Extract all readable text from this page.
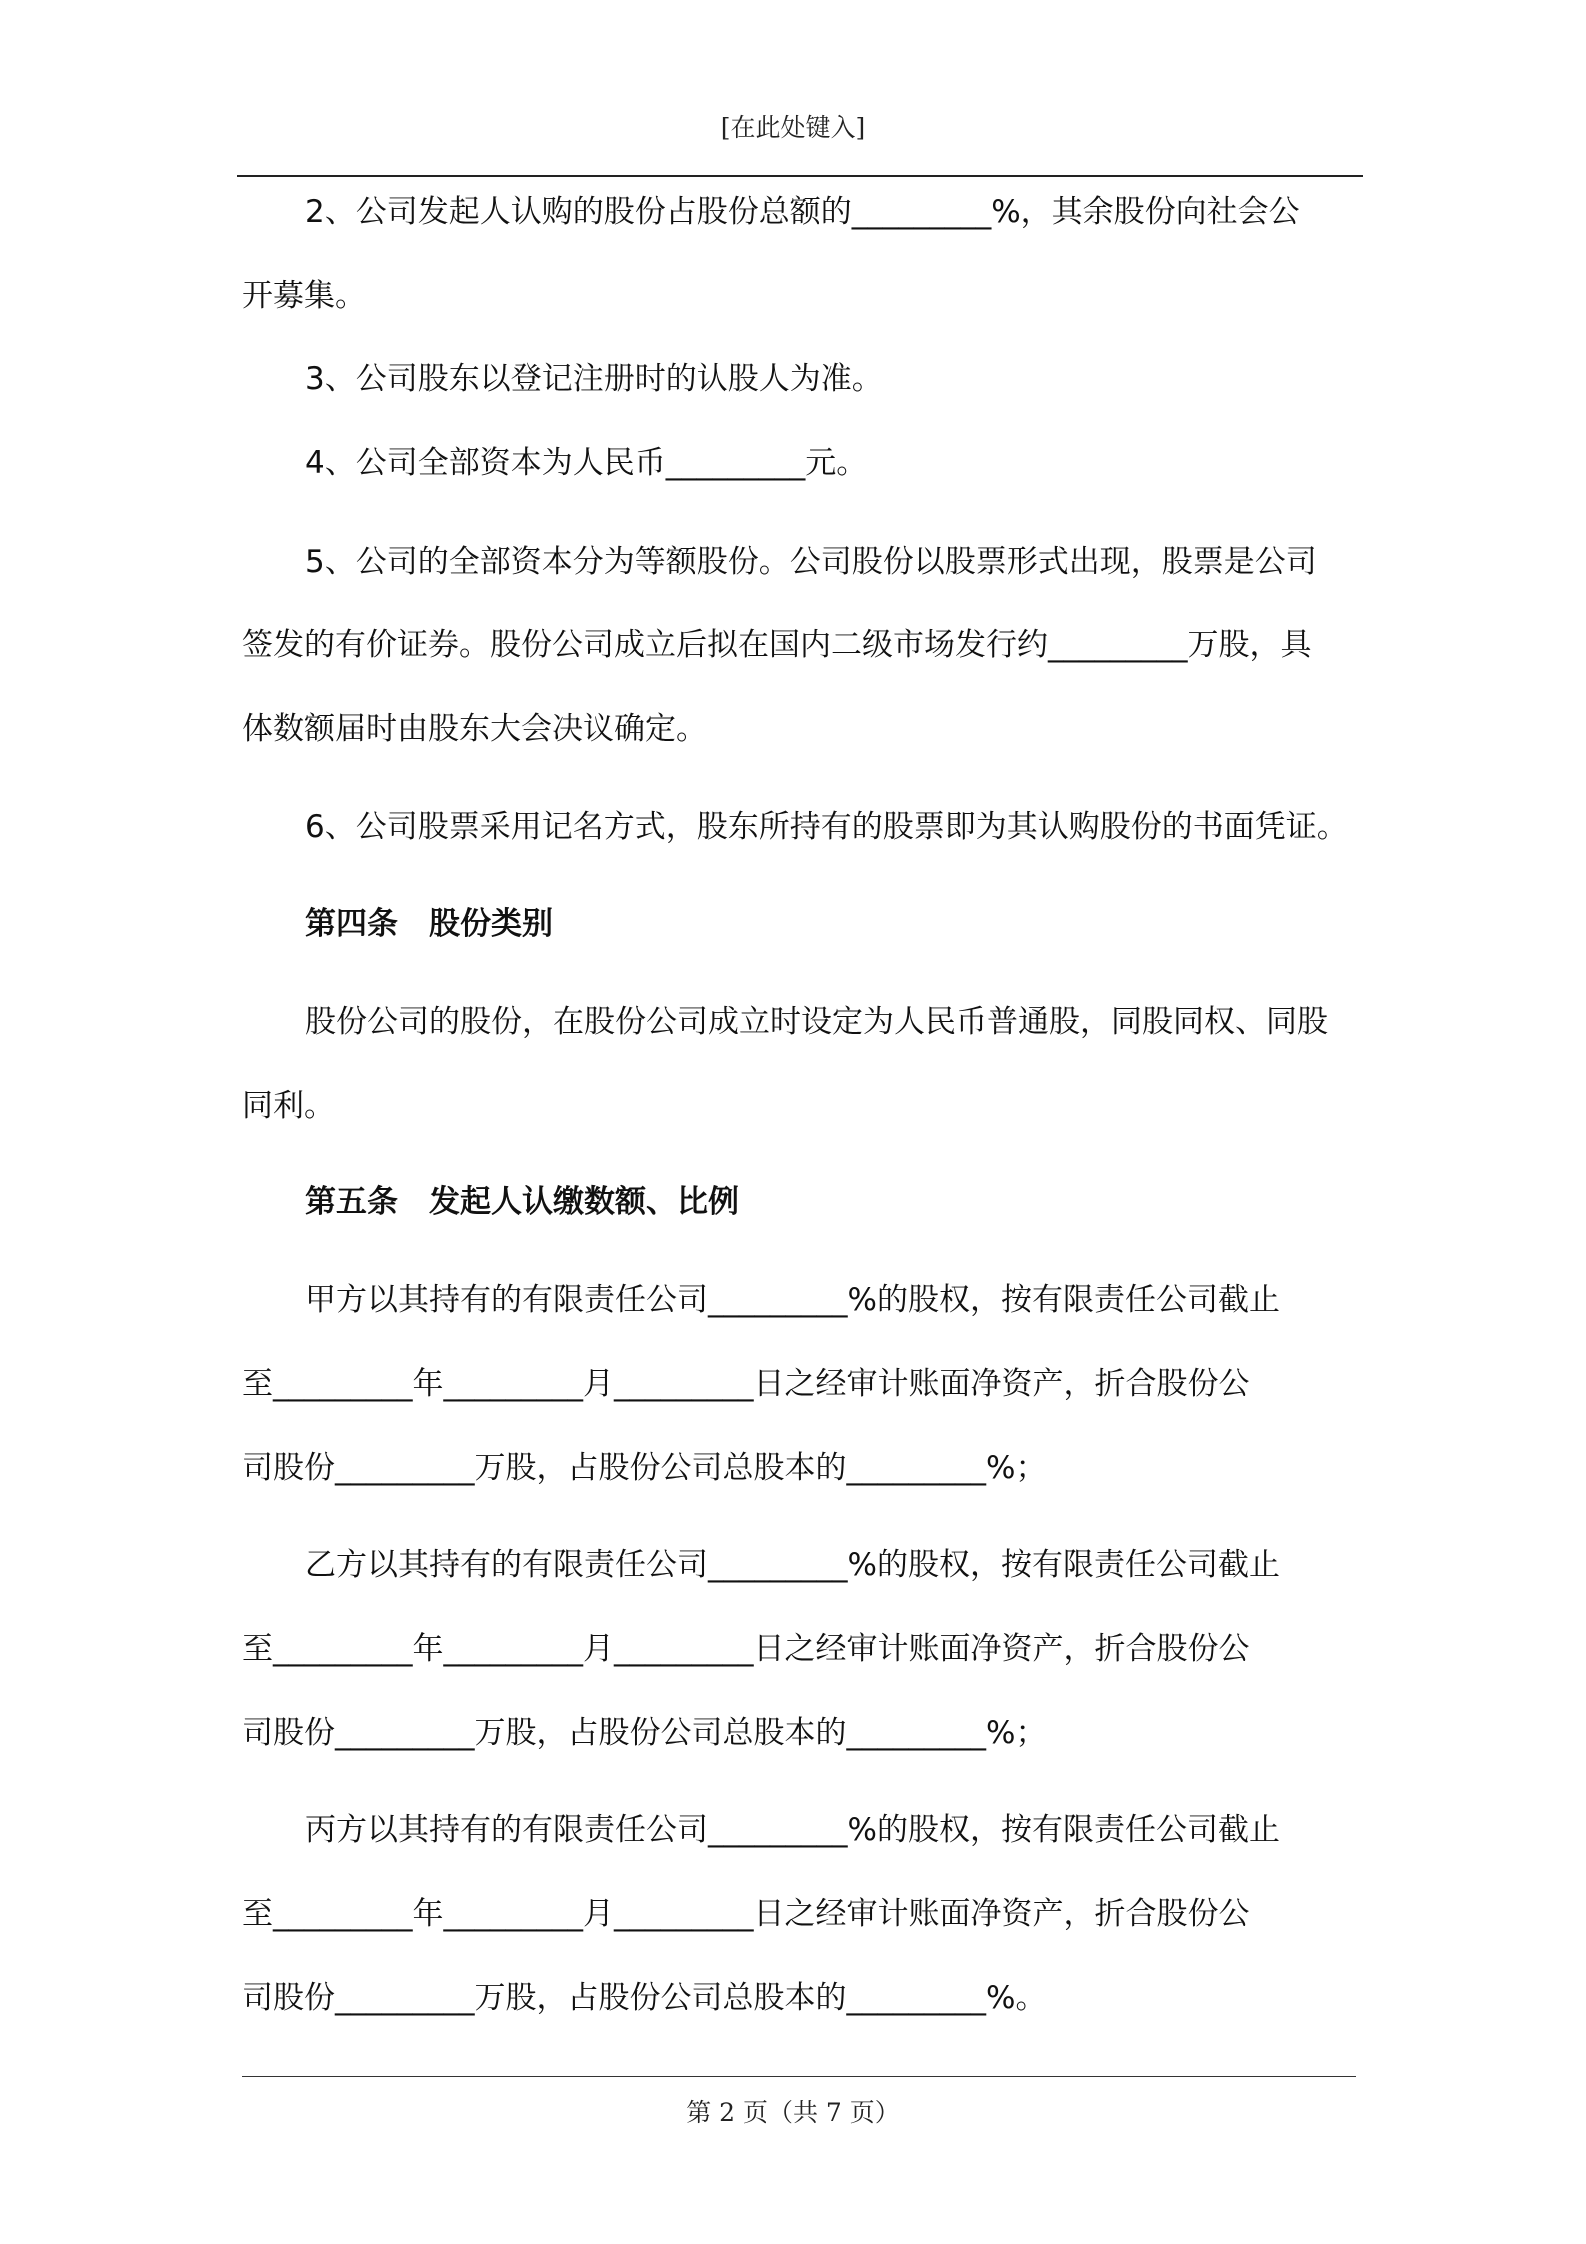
[在此处键入]

2、公司发起人认购的股份占股份总额的_________%，其余股份向社会公

开募集。

3、公司股东以登记注册时的认股人为准。

4、公司全部资本为人民币_________元。

5、公司的全部资本分为等额股份。公司股份以股票形式出现，股票是公司

签发的有价证券。股份公司成立后拟在国内二级市场发行约_________万股，具

体数额届时由股东大会决议确定。

6、公司股票采用记名方式，股东所持有的股票即为其认购股份的书面凭证。

第四条　股份类别

股份公司的股份，在股份公司成立时设定为人民币普通股，同股同权、同股

同利。

第五条　发起人认缴数额、比例

甲方以其持有的有限责任公司_________%的股权，按有限责任公司截止

至_________年_________月_________日之经审计账面净资产，折合股份公

司股份_________万股，占股份公司总股本的_________%；

乙方以其持有的有限责任公司_________%的股权，按有限责任公司截止

至_________年_________月_________日之经审计账面净资产，折合股份公

司股份_________万股，占股份公司总股本的_________%；

丙方以其持有的有限责任公司_________%的股权，按有限责任公司截止

至_________年_________月_________日之经审计账面净资产，折合股份公

司股份_________万股，占股份公司总股本的_________%。

第 2 页（共 7 页）
